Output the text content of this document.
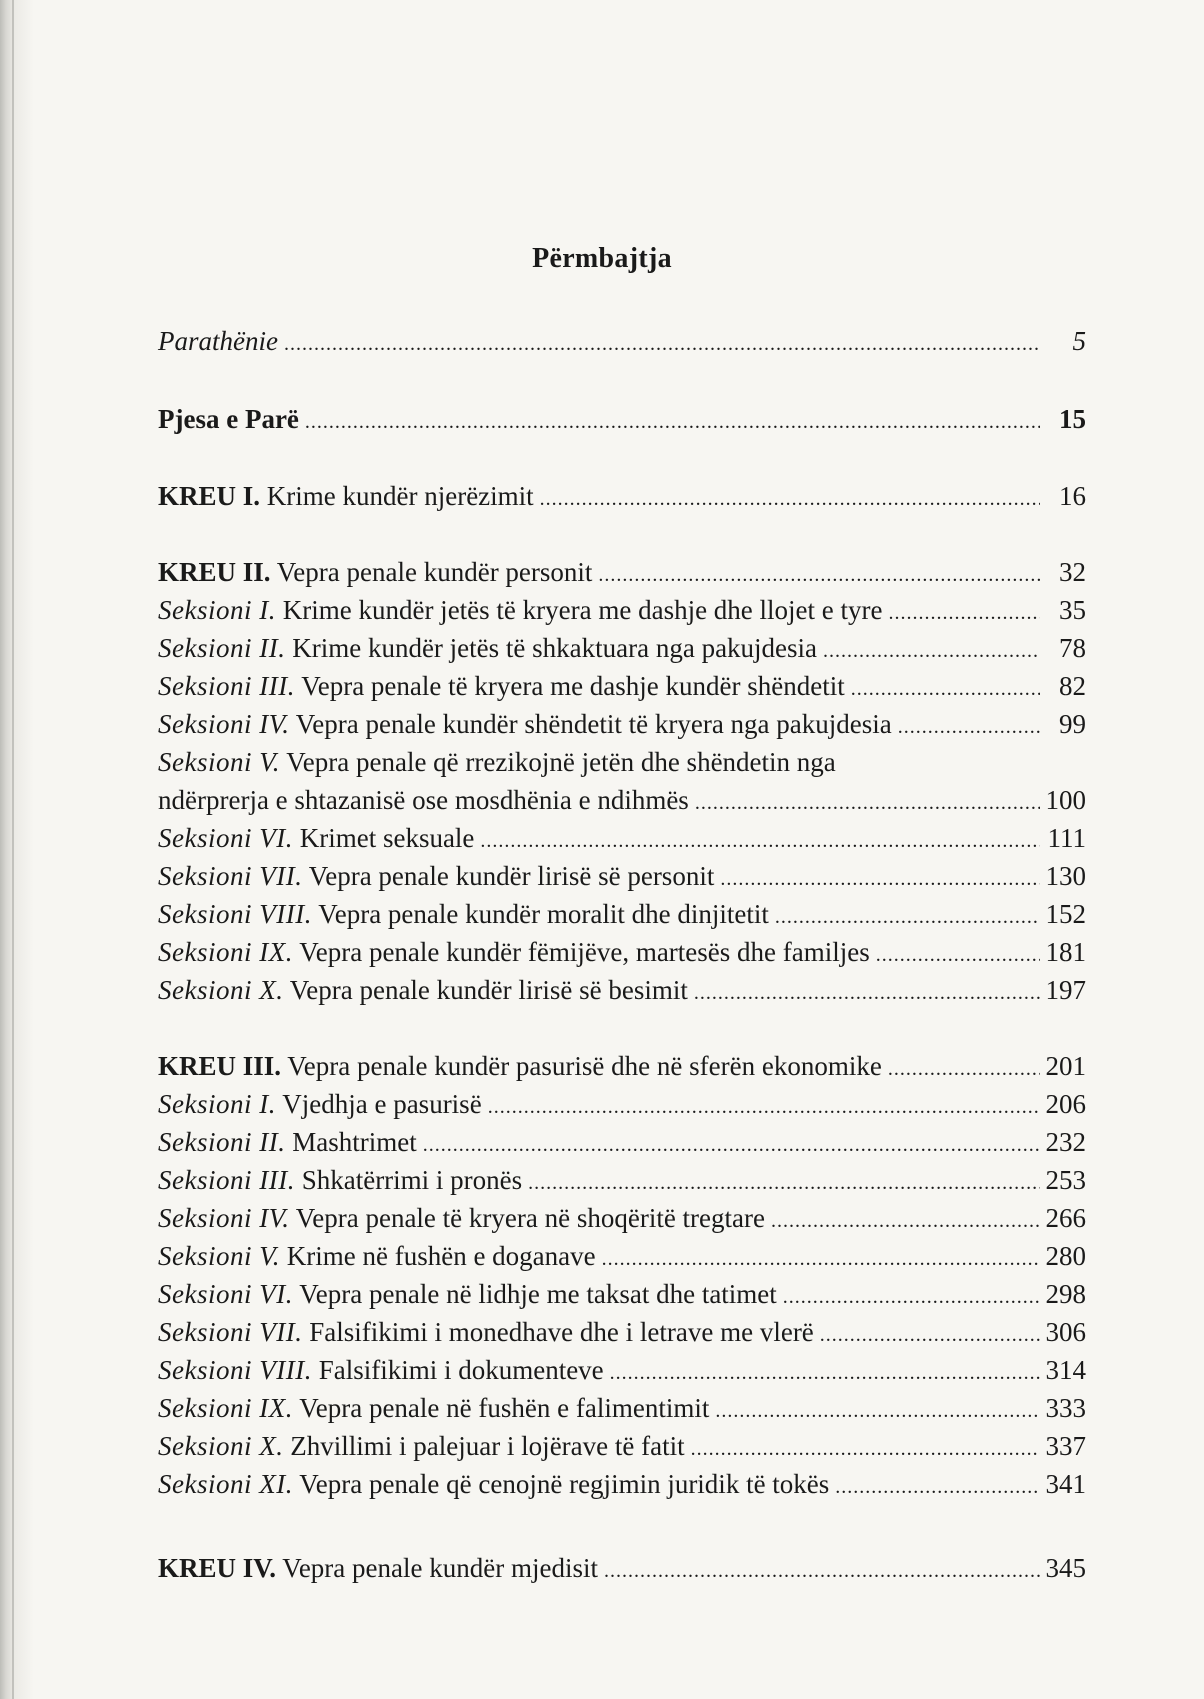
Përmbajtja
Parathënie .....	5
Pjesa e Parë .....	15
KREU I. Krime kundër njerëzimit .....	16
KREU II. Vepra penale kundër personit .....	32
Seksioni I. Krime kundër jetës të kryera me dashje dhe llojet e tyre .....	35
Seksioni II. Krime kundër jetës të shkaktuara nga pakujdesia .....	78
Seksioni III. Vepra penale të kryera me dashje kundër shëndetit .....	82
Seksioni IV. Vepra penale kundër shëndetit të kryera nga pakujdesia .....	99
Seksioni V. Vepra penale që rrezikojnë jetën dhe shëndetin nga
ndërprerja e shtazanisë ose mosdhënia e ndihmës .....	100
Seksioni VI. Krimet seksuale .....	111
Seksioni VII. Vepra penale kundër lirisë së personit .....	130
Seksioni VIII. Vepra penale kundër moralit dhe dinjitetit .....	152
Seksioni IX. Vepra penale kundër fëmijëve, martesës dhe familjes .....	181
Seksioni X. Vepra penale kundër lirisë së besimit .....	197
KREU III. Vepra penale kundër pasurisë dhe në sferën ekonomike .....	201
Seksioni I. Vjedhja e pasurisë .....	206
Seksioni II. Mashtrimet .....	232
Seksioni III. Shkatërrimi i pronës .....	253
Seksioni IV. Vepra penale të kryera në shoqëritë tregtare .....	266
Seksioni V. Krime në fushën e doganave .....	280
Seksioni VI. Vepra penale në lidhje me taksat dhe tatimet .....	298
Seksioni VII. Falsifikimi i monedhave dhe i letrave me vlerë .....	306
Seksioni VIII. Falsifikimi i dokumenteve .....	314
Seksioni IX. Vepra penale në fushën e falimentimit .....	333
Seksioni X. Zhvillimi i palejuar i lojërave të fatit .....	337
Seksioni XI. Vepra penale që cenojnë regjimin juridik të tokës .....	341
KREU IV. Vepra penale kundër mjedisit .....	345
